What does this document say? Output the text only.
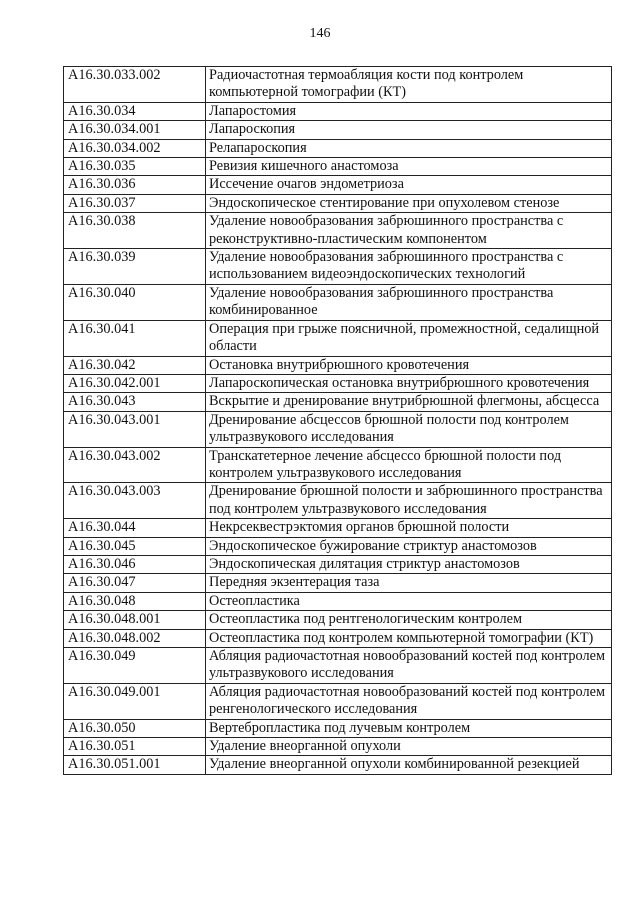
146
A16.30.033.002	Радиочастотная термоабляция кости под контролем компьютерной томографии (КТ)
A16.30.034	Лапаростомия
A16.30.034.001	Лапароскопия
A16.30.034.002	Релапароскопия
A16.30.035	Ревизия кишечного анастомоза
A16.30.036	Иссечение очагов эндометриоза
A16.30.037	Эндоскопическое стентирование при опухолевом стенозе
A16.30.038	Удаление новообразования забрюшинного пространства с реконструктивно-пластическим компонентом
A16.30.039	Удаление новообразования забрюшинного пространства с использованием видеоэндоскопических технологий
A16.30.040	Удаление новообразования забрюшинного пространства комбинированное
A16.30.041	Операция при грыже поясничной, промежностной, седалищной области
A16.30.042	Остановка внутрибрюшного кровотечения
A16.30.042.001	Лапароскопическая остановка внутрибрюшного кровотечения
A16.30.043	Вскрытие и дренирование внутрибрюшной флегмоны, абсцесса
A16.30.043.001	Дренирование абсцессов брюшной полости под контролем ультразвукового исследования
A16.30.043.002	Транскатетерное лечение абсцессо брюшной полости под контролем ультразвукового исследования
A16.30.043.003	Дренирование брюшной полости и забрюшинного пространства под контролем ультразвукового исследования
A16.30.044	Некрсеквестрэктомия органов брюшной полости
A16.30.045	Эндоскопическое бужирование стриктур анастомозов
A16.30.046	Эндоскопическая дилятация стриктур анастомозов
A16.30.047	Передняя экзентерация таза
A16.30.048	Остеопластика
A16.30.048.001	Остеопластика под рентгенологическим контролем
A16.30.048.002	Остеопластика под контролем компьютерной томографии (КТ)
A16.30.049	Абляция радиочастотная новообразований костей под контролем ультразвукового исследования
A16.30.049.001	Абляция радиочастотная новообразований костей под контролем ренгенологического исследования
A16.30.050	Вертебропластика под лучевым контролем
A16.30.051	Удаление внеорганной опухоли
A16.30.051.001	Удаление внеорганной опухоли комбинированной резекцией
